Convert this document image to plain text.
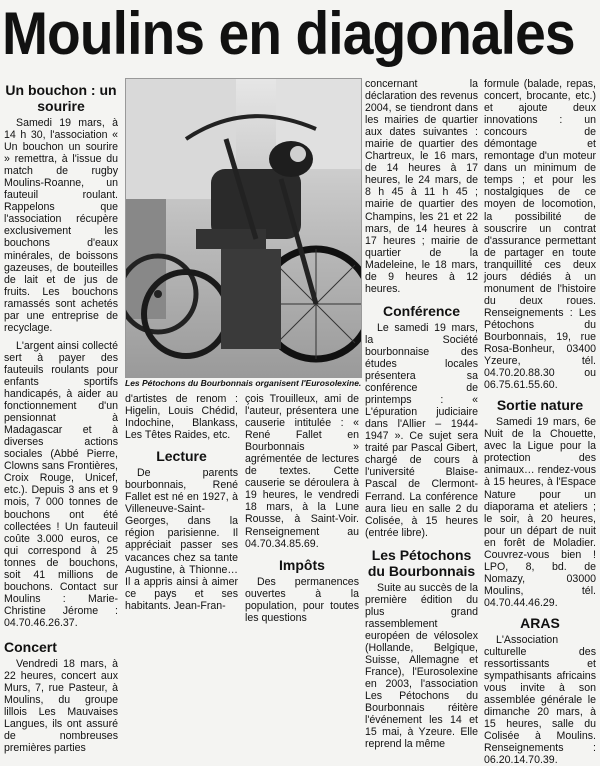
Moulins en diagonales
Un bouchon : un sourire

Samedi 19 mars, à 14 h 30, l'association « Un bouchon un sourire » remettra, à l'issue du match de rugby Moulins-Roanne, un fauteuil roulant. Rappelons que l'association récupère exclusivement les bouchons d'eaux minérales, de boissons gazeuses, de bouteilles de lait et de jus de fruits. Les bouchons ramassés sont achetés par une entreprise de recyclage.

L'argent ainsi collecté sert à payer des fauteuils roulants pour enfants sportifs handicapés, à aider au fonctionnement d'un pensionnat à Madagascar et à diverses actions sociales (Abbé Pierre, Clowns sans Frontières, Croix Rouge, Unicef, etc.). Depuis 3 ans et 9 mois, 7 000 tonnes de bouchons ont été collectées ! Un fauteuil coûte 3.000 euros, ce qui correspond à 25 tonnes de bouchons, soit 41 millions de bouchons. Contact sur Moulins : Marie-Christine Jérome : 04.70.46.26.37.

Concert

Vendredi 18 mars, à 22 heures, concert aux Murs, 7, rue Pasteur, à Moulins, du groupe lillois Les Mauvaises Langues, ils ont assuré de nombreuses premières parties

Les Pétochons du Bourbonnais organisent l'Eurosolexine.

d'artistes de renom : Higelin, Louis Chédid, Indochine, Blankass, Les Têtes Raides, etc.

Lecture

De parents bourbonnais, René Fallet est né en 1927, à Villeneuve-Saint-Georges, dans la région parisienne. Il appréciait passer ses vacances chez sa tante Augustine, à Thionne… Il a appris ainsi à aimer ce pays et ses habitants. Jean-Fran-

çois Trouilleux, ami de l'auteur, présentera une causerie intitulée : « René Fallet en Bourbonnais » agrémentée de lectures de textes. Cette causerie se déroulera à 19 heures, le vendredi 18 mars, à la Lune Rousse, à Saint-Voir. Renseignement au 04.70.34.85.69.

Impôts

Des permanences ouvertes à la population, pour toutes les questions

concernant la déclaration des revenus 2004, se tiendront dans les mairies de quartier aux dates suivantes : mairie de quartier des Chartreux, le 16 mars, de 14 heures à 17 heures, le 24 mars, de 8 h 45 à 11 h 45 ; mairie de quartier des Champins, les 21 et 22 mars, de 14 heures à 17 heures ; mairie de quartier de la Madeleine, le 18 mars, de 9 heures à 12 heures.

Conférence

Le samedi 19 mars, la Société bourbonnaise des études locales présentera sa conférence de printemps : « L'épuration judiciaire dans l'Allier – 1944-1947 ». Ce sujet sera traité par Pascal Gibert, chargé de cours à l'université Blaise-Pascal de Clermont-Ferrand. La conférence aura lieu en salle 2 du Colisée, à 15 heures (entrée libre).

Les Pétochons du Bourbonnais

Suite au succès de la première édition du plus grand rassemblement européen de vélosolex (Hollande, Belgique, Suisse, Allemagne et France), l'Eurosolexine en 2003, l'association Les Pétochons du Bourbonnais réitère l'événement les 14 et 15 mai, à Yzeure. Elle reprend la même

formule (balade, repas, concert, brocante, etc.) et ajoute deux innovations : un concours de démontage et remontage d'un moteur dans un minimum de temps ; et pour les nostalgiques de ce moyen de locomotion, la possibilité de souscrire un contrat d'assurance permettant de partager en toute tranquillité ces deux jours dédiés à un monument de l'histoire du deux roues. Renseignements : Les Pétochons du Bourbonnais, 19, rue Rosa-Bonheur, 03400 Yzeure, tél. 04.70.20.88.30 ou 06.75.61.55.60.

Sortie nature

Samedi 19 mars, 6e Nuit de la Chouette, avec la Ligue pour la protection des animaux… rendez-vous à 15 heures, à l'Espace Nature pour un diaporama et ateliers ; le soir, à 20 heures, pour un départ de nuit en forêt de Moladier. Couvrez-vous bien ! LPO, 8, bd. de Nomazy, 03000 Moulins, tél. 04.70.44.46.29.

ARAS

L'Association culturelle des ressortissants et sympathisants africains vous invite à son assemblée générale le dimanche 20 mars, à 15 heures, salle du Colisée à Moulins. Renseignements : 06.20.14.70.39.
